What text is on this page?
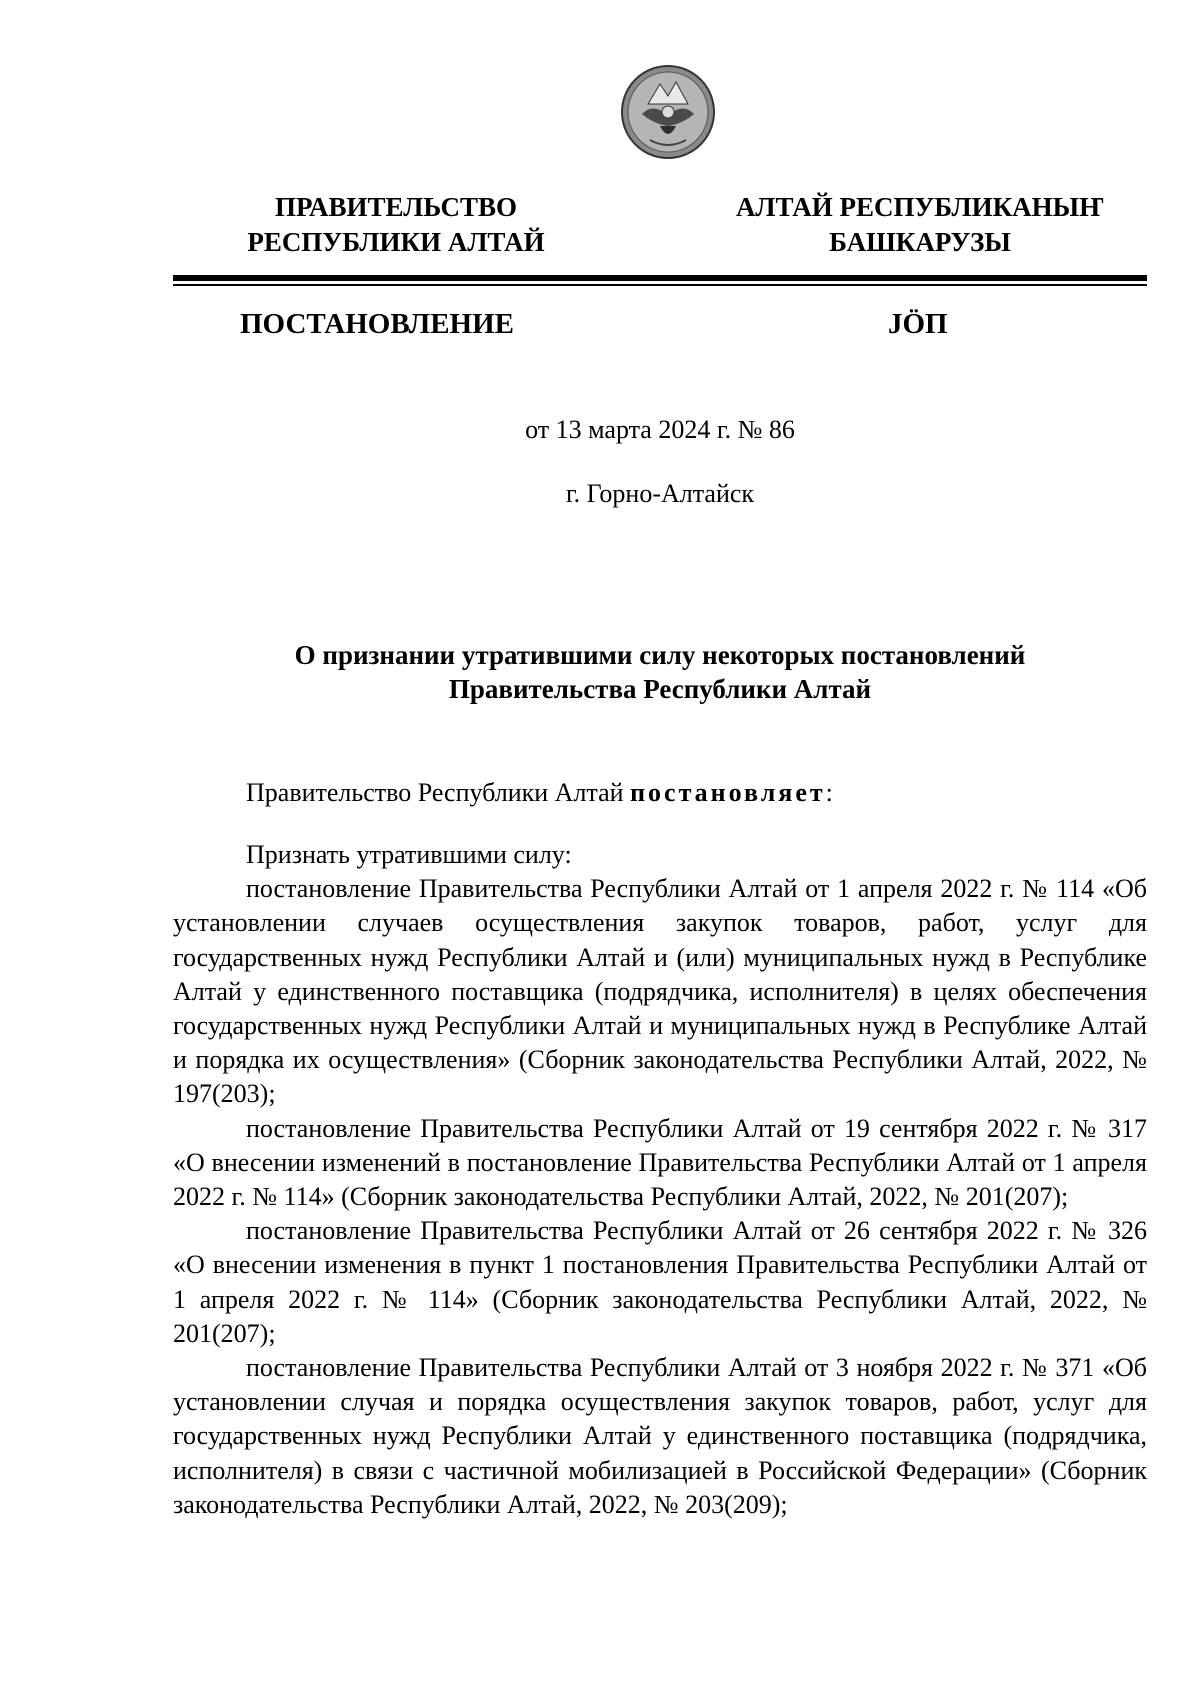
ПРАВИТЕЛЬСТВО
РЕСПУБЛИКИ АЛТАЙ
АЛТАЙ РЕСПУБЛИКАНЫҤ
БАШКАРУЗЫ
ПОСТАНОВЛЕНИЕ	JÖП
от 13 марта 2024 г. № 86
г. Горно-Алтайск
О признании утратившими силу некоторых постановлений
Правительства Республики Алтай

Правительство Республики Алтай постановляет:

Признать утратившими силу:

постановление Правительства Республики Алтай от 1 апреля 2022 г. № 114 «Об установлении случаев осуществления закупок товаров, работ, услуг для государственных нужд Республики Алтай и (или) муниципальных нужд в Республике Алтай у единственного поставщика (подрядчика, исполнителя) в целях обеспечения государственных нужд Республики Алтай и муниципальных нужд в Республике Алтай и порядка их осуществления» (Сборник законодательства Республики Алтай, 2022, № 197(203);

постановление Правительства Республики Алтай от 19 сентября 2022 г. № 317 «О внесении изменений в постановление Правительства Республики Алтай от 1 апреля 2022 г. № 114» (Сборник законодательства Республики Алтай, 2022, № 201(207);

постановление Правительства Республики Алтай от 26 сентября 2022 г. № 326 «О внесении изменения в пункт 1 постановления Правительства Республики Алтай от 1 апреля 2022 г. № 114» (Сборник законодательства Республики Алтай, 2022, № 201(207);

постановление Правительства Республики Алтай от 3 ноября 2022 г. № 371 «Об установлении случая и порядка осуществления закупок товаров, работ, услуг для государственных нужд Республики Алтай у единственного поставщика (подрядчика, исполнителя) в связи с частичной мобилизацией в Российской Федерации» (Сборник законодательства Республики Алтай, 2022, № 203(209);
